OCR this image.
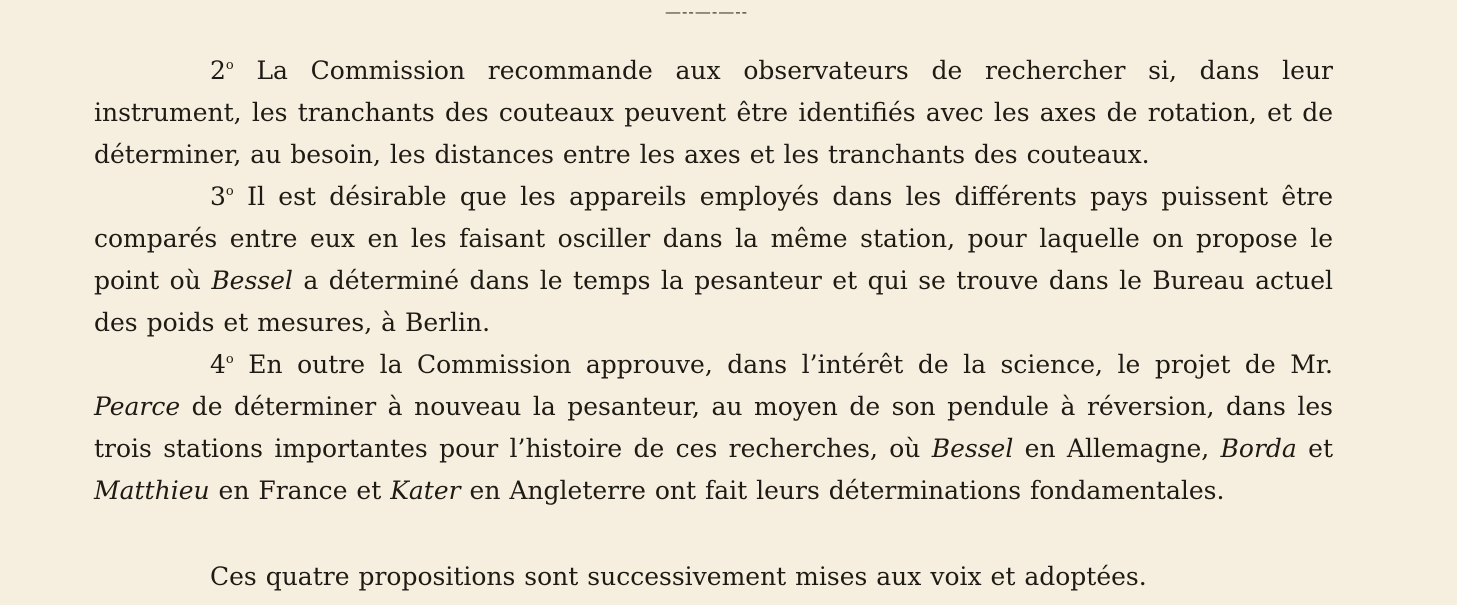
—--—-—--

2$^o$ La Commission recommande aux observateurs de rechercher si, dans leur instrument, les tranchants des couteaux peuvent être identifiés avec les axes de rotation, et de déterminer, au besoin, les distances entre les axes et les tranchants des couteaux.

3$^o$ Il est désirable que les appareils employés dans les différents pays puissent être comparés entre eux en les faisant osciller dans la même station, pour laquelle on propose le point où Bessel a déterminé dans le temps la pesanteur et qui se trouve dans le Bureau actuel des poids et mesures, à Berlin.

4$^o$ En outre la Commission approuve, dans l’intérêt de la science, le projet de Mr. Pearce de déterminer à nouveau la pesanteur, au moyen de son pendule à réversion, dans les trois stations importantes pour l’histoire de ces recherches, où Bessel en Allemagne, Borda et Matthieu en France et Kater en Angleterre ont fait leurs déterminations fondamentales.

Ces quatre propositions sont successivement mises aux voix et adoptées.
